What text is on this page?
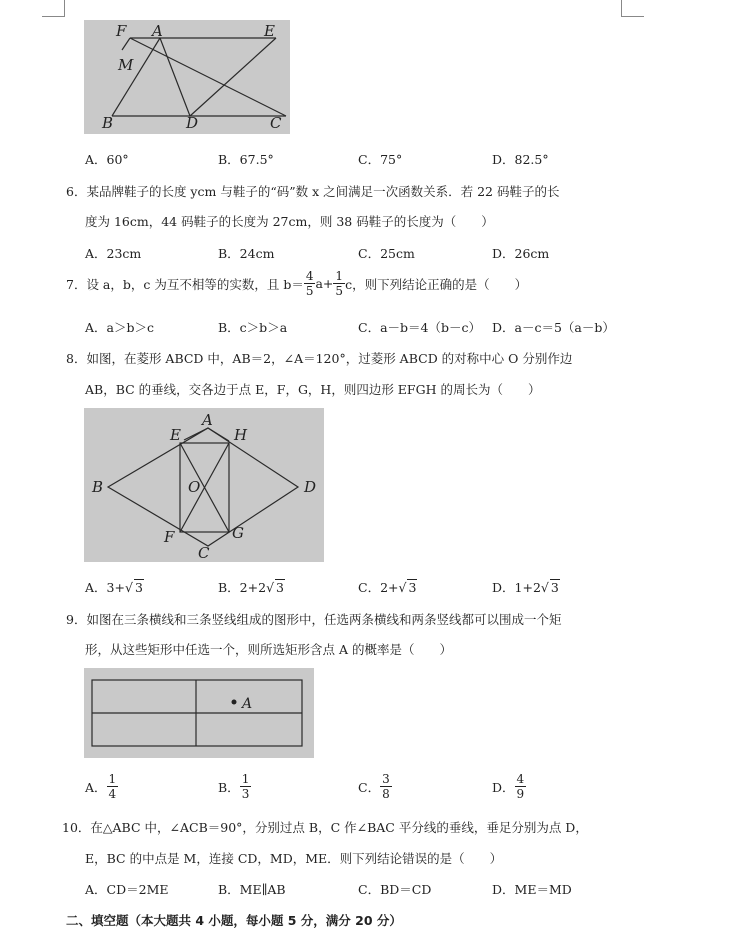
F A	E
M
B	D	C
A．60°	B．67.5°	C．75°	D．82.5°
6．某品牌鞋子的长度 ycm 与鞋子的“码”数 x 之间满足一次函数关系．若 22 码鞋子的长
度为 16cm，44 码鞋子的长度为 27cm，则 38 码鞋子的长度为（　　）
A．23cm	B．24cm	C．25cm	D．26cm
7．设 a，b，c 为互不相等的实数，且 $b= \frac{4}{5} a+ \frac{1}{5}$ c，则下列结论正确的是（　　）
A．a＞b＞c	B．c＞b＞a	C．a－b＝4（b－c） D．a－c＝5（a－b）
8．如图，在菱形 ABCD 中，AB＝2，∠A＝120°，过菱形 ABCD 的对称中心 O 分别作边
AB，BC 的垂线，交各边于点 E，F，G，H，则四边形 EFGH 的周长为（　　）
A
E	H
B	O	D
F	G
C
A．3+√ 3	B．2+2√ 3	C．2+√ 3	D．1+2√ 3
9．如图在三条横线和三条竖线组成的图形中，任选两条横线和两条竖线都可以围成一个矩
形，从这些矩形中任选一个，则所选矩形含点 A 的概率是（　　）
A
A． $\frac{1}{4}$	B． $\frac{1}{3}$	C． $\frac{3}{8}$	D． $\frac{4}{9}$
10．在△ABC 中，∠ACB＝90°，分别过点 B，C 作∠BAC 平分线的垂线，垂足分别为点 D，
E，BC 的中点是 M，连接 CD，MD，ME．则下列结论错误的是（　　）
A．CD＝2ME	B．ME∥AB	C．BD＝CD	D．ME＝MD
二、填空题（本大题共 4 小题，每小题 5 分，满分 20 分）
